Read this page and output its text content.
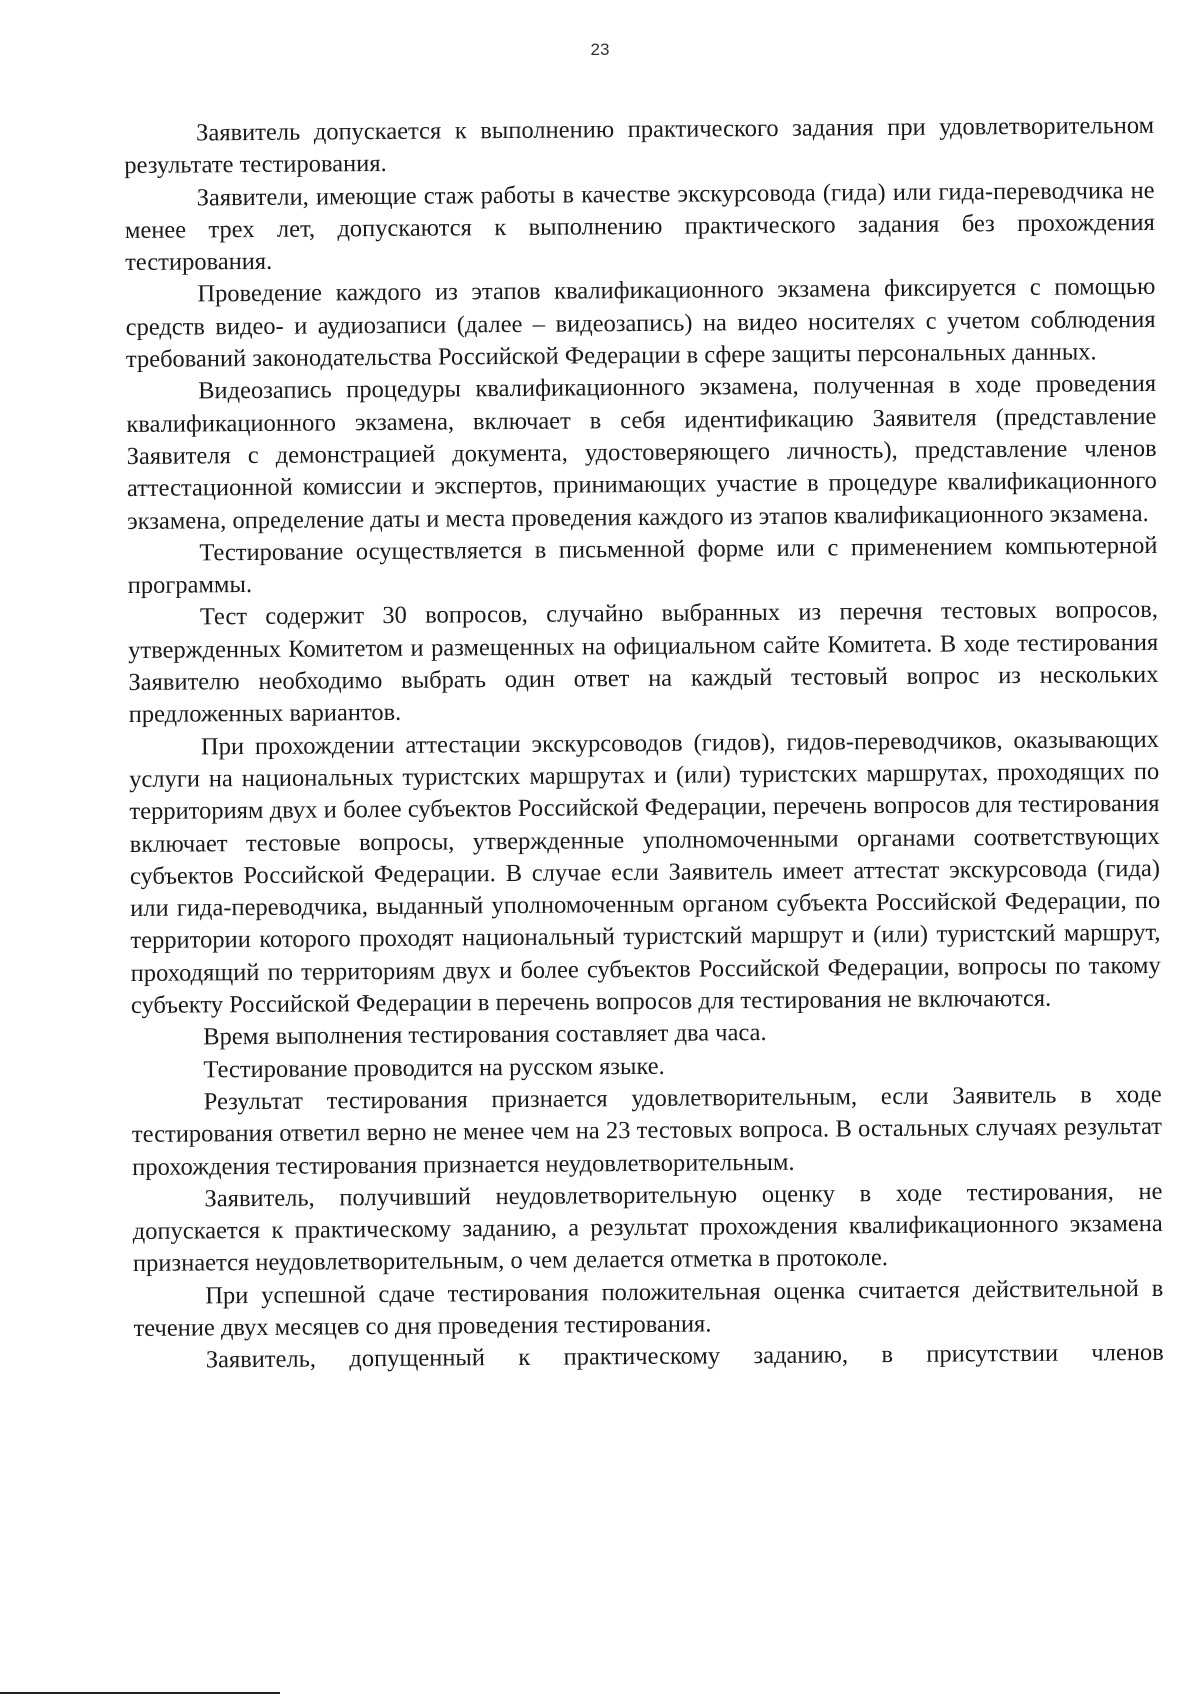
23

Заявитель допускается к выполнению практического задания при удовлетворительном результате тестирования.

Заявители, имеющие стаж работы в качестве экскурсовода (гида) или гида-переводчика не менее трех лет, допускаются к выполнению практического задания без прохождения тестирования.

Проведение каждого из этапов квалификационного экзамена фиксируется с помощью средств видео- и аудиозаписи (далее – видеозапись) на видео носителях с учетом соблюдения требований законодательства Российской Федерации в сфере защиты персональных данных.

Видеозапись процедуры квалификационного экзамена, полученная в ходе проведения квалификационного экзамена, включает в себя идентификацию Заявителя (представление Заявителя с демонстрацией документа, удостоверяющего личность), представление членов аттестационной комиссии и экспертов, принимающих участие в процедуре квалификационного экзамена, определение даты и места проведения каждого из этапов квалификационного экзамена.

Тестирование осуществляется в письменной форме или с применением компьютерной программы.

Тест содержит 30 вопросов, случайно выбранных из перечня тестовых вопросов, утвержденных Комитетом и размещенных на официальном сайте Комитета. В ходе тестирования Заявителю необходимо выбрать один ответ на каждый тестовый вопрос из нескольких предложенных вариантов.

При прохождении аттестации экскурсоводов (гидов), гидов-переводчиков, оказывающих услуги на национальных туристских маршрутах и (или) туристских маршрутах, проходящих по территориям двух и более субъектов Российской Федерации, перечень вопросов для тестирования включает тестовые вопросы, утвержденные уполномоченными органами соответствующих субъектов Российской Федерации. В случае если Заявитель имеет аттестат экскурсовода (гида) или гида-переводчика, выданный уполномоченным органом субъекта Российской Федерации, по территории которого проходят национальный туристский маршрут и (или) туристский маршрут, проходящий по территориям двух и более субъектов Российской Федерации, вопросы по такому субъекту Российской Федерации в перечень вопросов для тестирования не включаются.

Время выполнения тестирования составляет два часа.

Тестирование проводится на русском языке.

Результат тестирования признается удовлетворительным, если Заявитель в ходе тестирования ответил верно не менее чем на 23 тестовых вопроса. В остальных случаях результат прохождения тестирования признается неудовлетворительным.

Заявитель, получивший неудовлетворительную оценку в ходе тестирования, не допускается к практическому заданию, а результат прохождения квалификационного экзамена признается неудовлетворительным, о чем делается отметка в протоколе.

При успешной сдаче тестирования положительная оценка считается действительной в течение двух месяцев со дня проведения тестирования.

Заявитель, допущенный к практическому заданию, в присутствии членов
